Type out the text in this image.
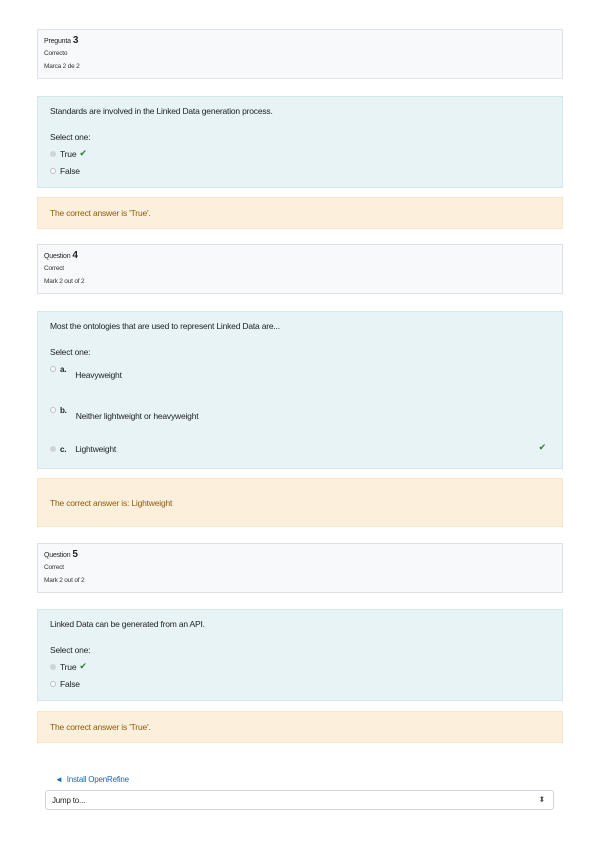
Pregunta 3
Correcto
Marca 2 de 2
Standards are involved in the Linked Data generation process.
Select one:
True ✔
False
The correct answer is 'True'.
Question 4
Correct
Mark 2 out of 2
Most the ontologies that are used to represent Linked Data are...
Select one:
a.
Heavyweight
b.
Neither lightweight or heavyweight
c. Lightweight	✔
The correct answer is: Lightweight
Question 5
Correct
Mark 2 out of 2
Linked Data can be generated from an API.
Select one:
True ✔
False
The correct answer is 'True'.
◄ Install OpenRefine
Jump to...	⬍
